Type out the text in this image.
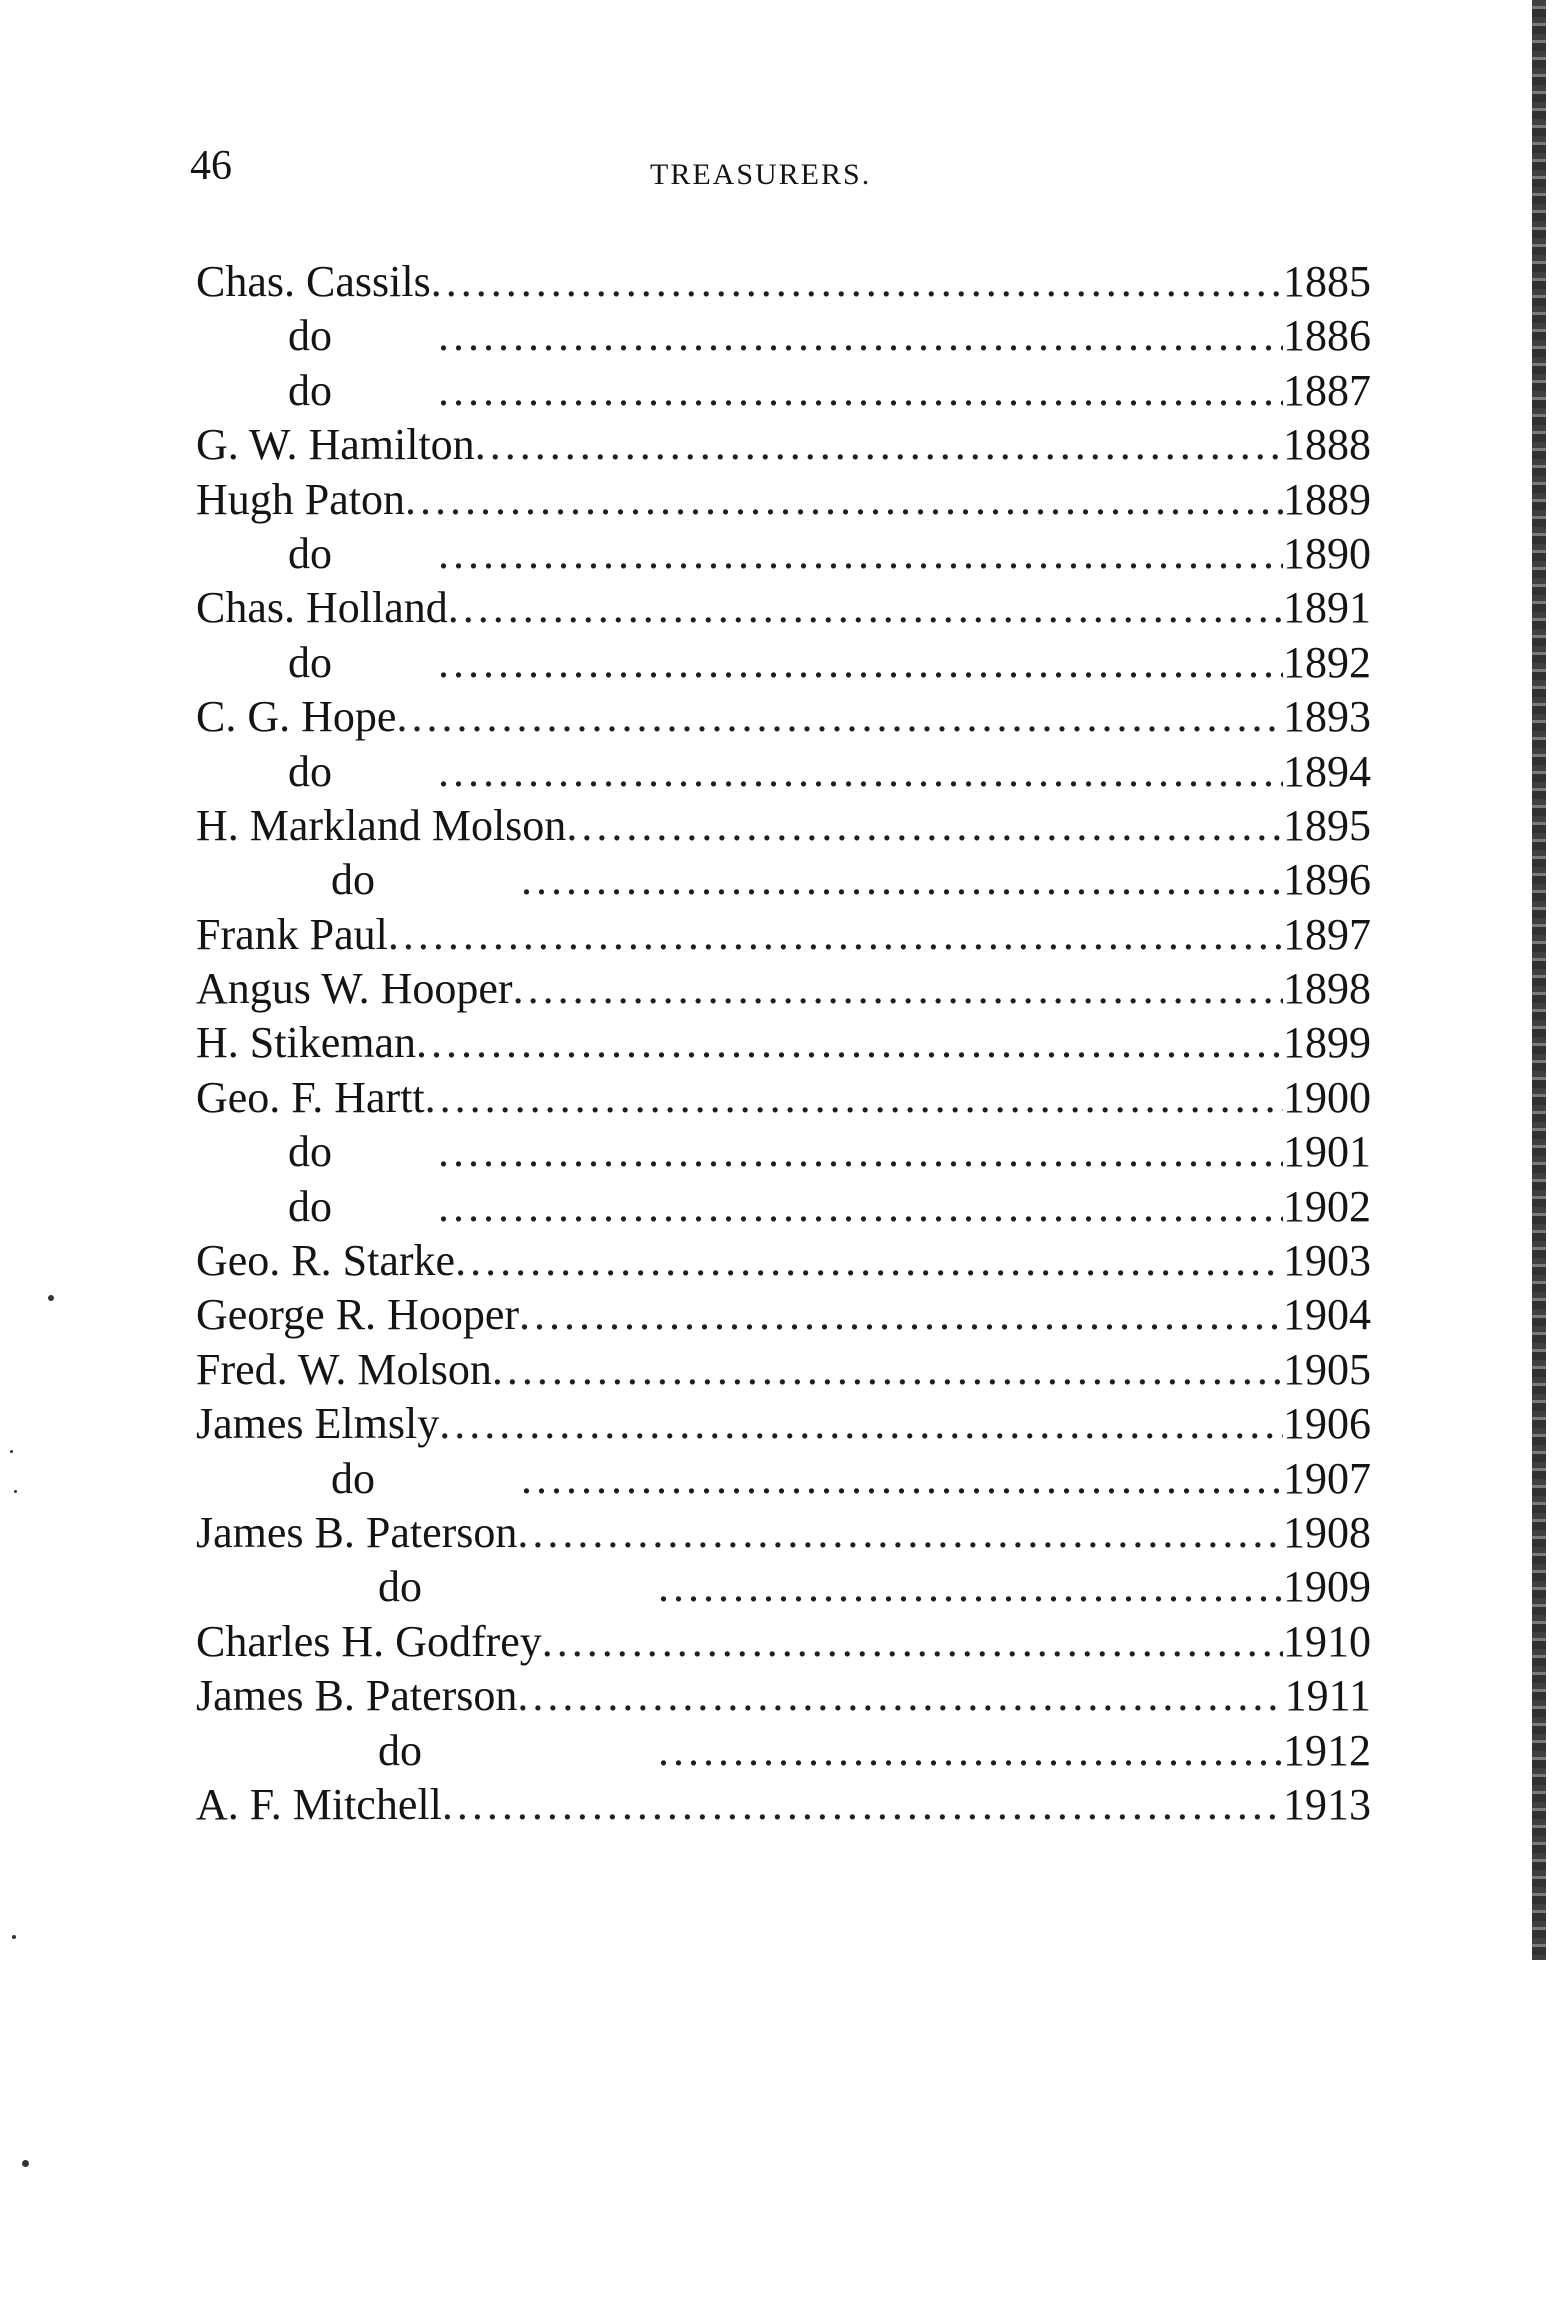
46	TREASURERS.
Chas. Cassils .....	1885
do .....	1886
do .....	1887
G. W. Hamilton .....	1888
Hugh Paton .....	1889
do .....	1890
Chas. Holland .....	1891
do .....	1892
C. G. Hope .....	1893
do .....	1894
H. Markland Molson .....	1895
do .....	1896
Frank Paul .....	1897
Angus W. Hooper .....	1898
H. Stikeman .....	1899
Geo. F. Hartt .....	1900
do .....	1901
do .....	1902
Geo. R. Starke .....	1903
George R. Hooper .....	1904
Fred. W. Molson .....	1905
James Elmsly .....	1906
do .....	1907
James B. Paterson .....	1908
do .....	1909
Charles H. Godfrey .....	1910
James B. Paterson .....	1911
do .....	1912
A. F. Mitchell .....	1913
